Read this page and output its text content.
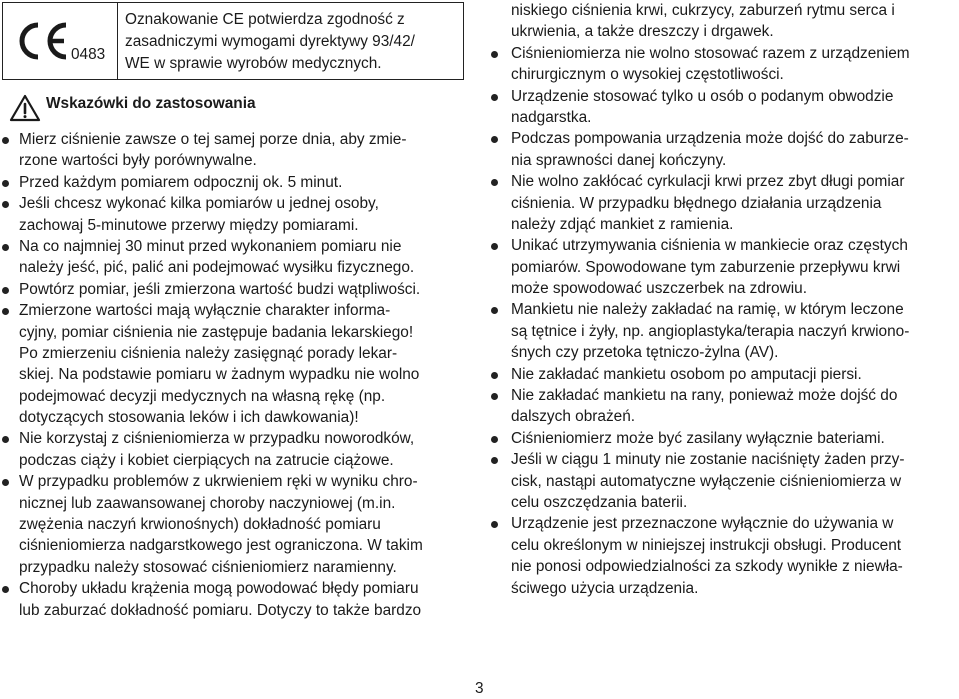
0483
Oznakowanie CE potwierdza zgodność z
zasadniczymi wymogami dyrektywy 93/42/
WE w sprawie wyrobów medycznych.
Wskazówki do zastosowania
Mierz ciśnienie zawsze o tej samej porze dnia, aby zmie-
rzone wartości były porównywalne.
Przed każdym pomiarem odpocznij ok. 5 minut.
Jeśli chcesz wykonać kilka pomiarów u jednej osoby,
zachowaj 5-minutowe przerwy między pomiarami.
Na co najmniej 30 minut przed wykonaniem pomiaru nie
należy jeść, pić, palić ani podejmować wysiłku fizycznego.
Powtórz pomiar, jeśli zmierzona wartość budzi wątpliwości.
Zmierzone wartości mają wyłącznie charakter informa-
cyjny, pomiar ciśnienia nie zastępuje badania lekarskiego!
Po zmierzeniu ciśnienia należy zasięgnąć porady lekar-
skiej. Na podstawie pomiaru w żadnym wypadku nie wolno
podejmować decyzji medycznych na własną rękę (np.
dotyczących stosowania leków i ich dawkowania)!
Nie korzystaj z ciśnieniomierza w przypadku noworodków,
podczas ciąży i kobiet cierpiących na zatrucie ciążowe.
W przypadku problemów z ukrwieniem ręki w wyniku chro-
nicznej lub zaawansowanej choroby naczyniowej (m.in.
zwężenia naczyń krwionośnych) dokładność pomiaru
ciśnieniomierza nadgarstkowego jest ograniczona. W takim
przypadku należy stosować ciśnieniomierz naramienny.
Choroby układu krążenia mogą powodować błędy pomiaru
lub zaburzać dokładność pomiaru. Dotyczy to także bardzo
niskiego ciśnienia krwi, cukrzycy, zaburzeń rytmu serca i
ukrwienia, a także dreszczy i drgawek.
Ciśnieniomierza nie wolno stosować razem z urządzeniem
chirurgicznym o wysokiej częstotliwości.
Urządzenie stosować tylko u osób o podanym obwodzie
nadgarstka.
Podczas pompowania urządzenia może dojść do zaburze-
nia sprawności danej kończyny.
Nie wolno zakłócać cyrkulacji krwi przez zbyt długi pomiar
ciśnienia. W przypadku błędnego działania urządzenia
należy zdjąć mankiet z ramienia.
Unikać utrzymywania ciśnienia w mankiecie oraz częstych
pomiarów. Spowodowane tym zaburzenie przepływu krwi
może spowodować uszczerbek na zdrowiu.
Mankietu nie należy zakładać na ramię, w którym leczone
są tętnice i żyły, np. angioplastyka/terapia naczyń krwiono-
śnych czy przetoka tętniczo-żylna (AV).
Nie zakładać mankietu osobom po amputacji piersi.
Nie zakładać mankietu na rany, ponieważ może dojść do
dalszych obrażeń.
Ciśnieniomierz może być zasilany wyłącznie bateriami.
Jeśli w ciągu 1 minuty nie zostanie naciśnięty żaden przy-
cisk, nastąpi automatyczne wyłączenie ciśnieniomierza w
celu oszczędzania baterii.
Urządzenie jest przeznaczone wyłącznie do używania w
celu określonym w niniejszej instrukcji obsługi. Producent
nie ponosi odpowiedzialności za szkody wynikłe z niewła-
ściwego użycia urządzenia.
3
